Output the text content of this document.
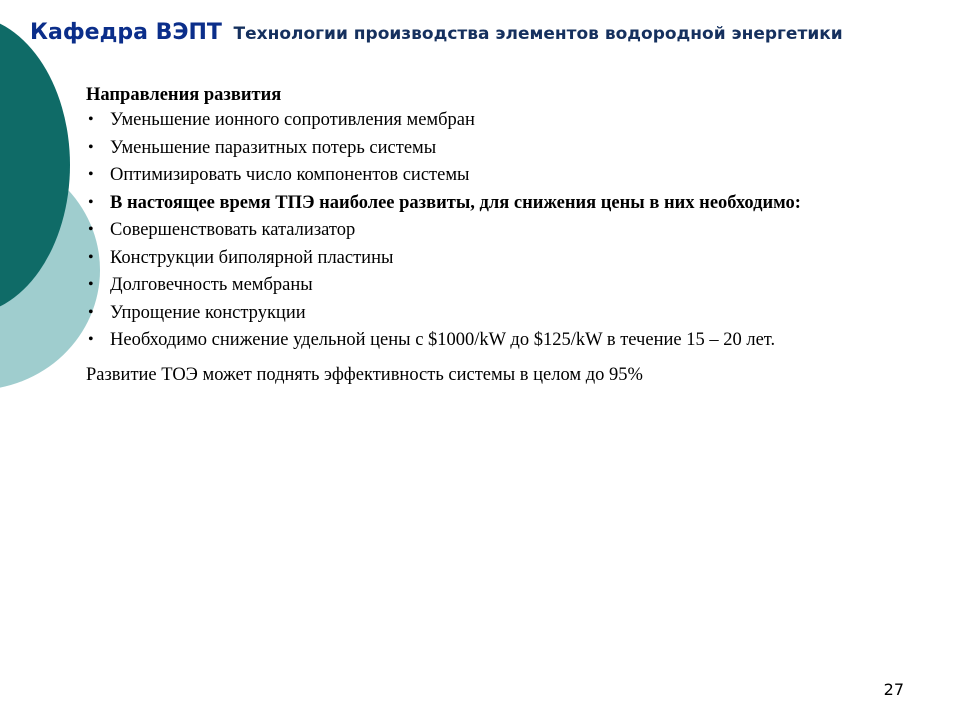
Кафедра ВЭПТ Технологии производства элементов водородной энергетики
Направления развития
• Уменьшение ионного сопротивления мембран
• Уменьшение паразитных потерь системы
• Оптимизировать число компонентов системы
• В настоящее время ТПЭ наиболее развиты, для снижения цены в них необходимо:
• Совершенствовать катализатор
• Конструкции биполярной пластины
• Долговечность мембраны
• Упрощение конструкции
• Необходимо снижение удельной цены с $1000/kW до $125/kW в течение 15 – 20 лет.
Развитие ТОЭ может поднять эффективность системы в целом до 95%
27
